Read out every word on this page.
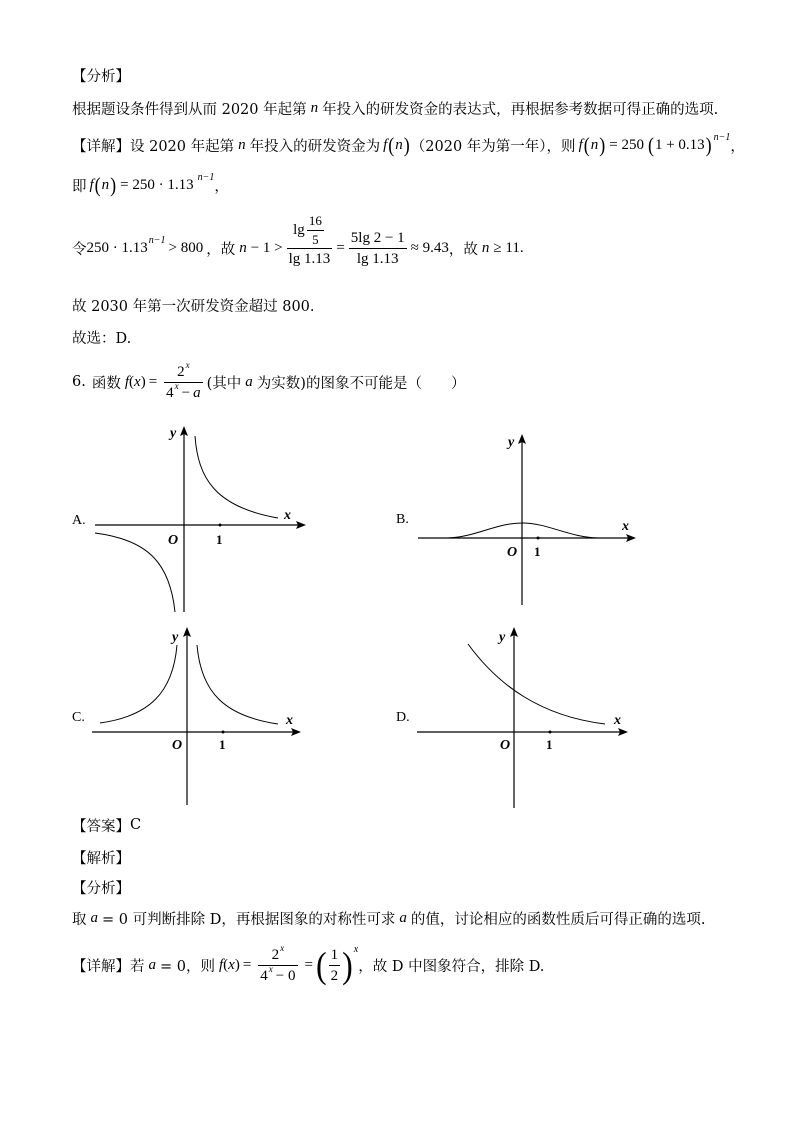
【分析】
根据题设条件得到从而 2020 年起第 n 年投入的研发资金的表达式，再根据参考数据可得正确的选项.
【详解】 设 2020 年起第 n 年投入的研发资金为 f ( n ) （2020 年为第一年），则 f ( n ) = 250 ( 1 + 0.13 ) n−1
，
即 f ( n ) = 250 · 1.13 n−1
，
令 250 · 1.13 n−1 > 800 ，故 $n - 1 > \frac{\lg \frac{16}{5}}{\lg 1.13} = \frac{5\lg 2 - 1}{\lg 1.13} \approx 9.43$ ，故 n ≥ 11.
故 2030 年第一次研发资金超过 800.
故选：D.
6. 函数 f ( x ) = $\frac{2 x}{4 x - a}$ (其中 a 为实数)的图象不可能是（　　）
A.
y
x
O	1
B.
y
x
O 1
C.
y
x
O	1
D.
y
x
O	1
【答案】 C
【解析】
【分析】
取 a = 0 可判断排除 D，再根据图象的对称性可求 a 的值，讨论相应的函数性质后可得正确的选项.
【详解】 若 a = 0，则 f ( x ) = $\frac{2 x}{4 x - 0}$ = ( $\frac{1}{2}$ ) x
，故 D 中图象符合，排除 D.
